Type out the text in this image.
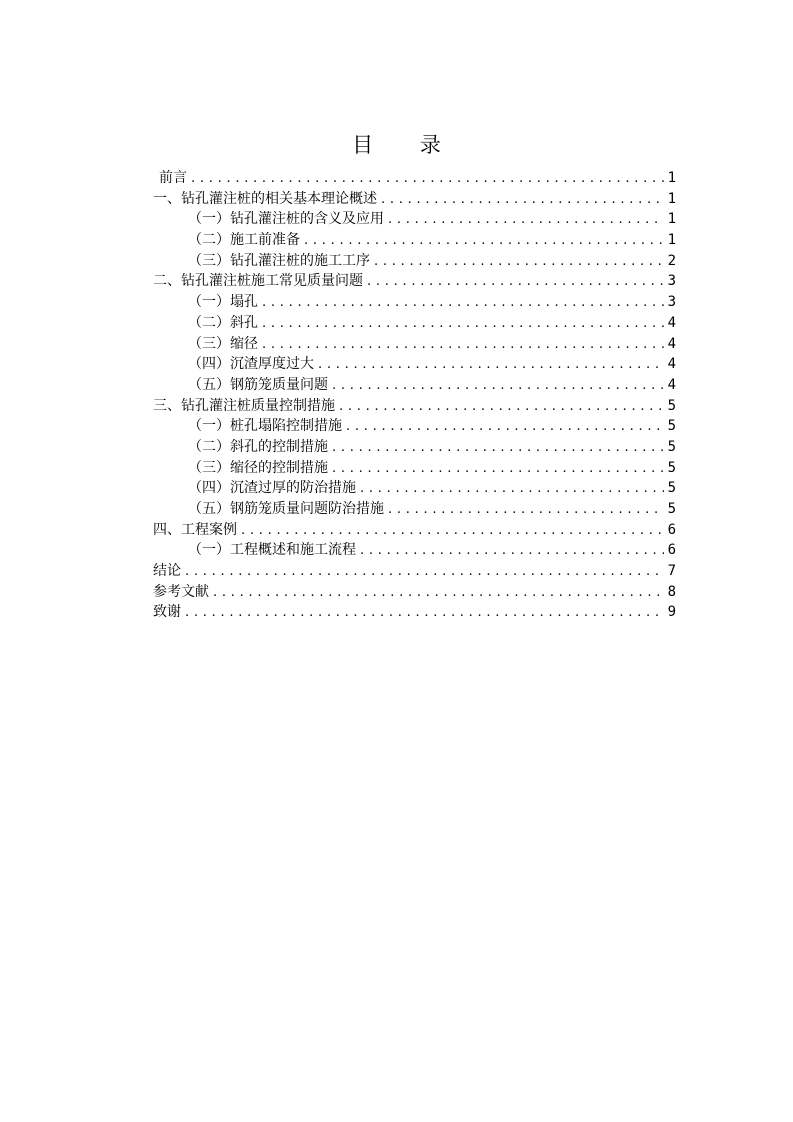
目 录
前言 . . .	1
一、钻孔灌注桩的相关基本理论概述 . . .	1
（一）钻孔灌注桩的含义及应用 . . .	1
（二）施工前准备 . . .	1
（三）钻孔灌注桩的施工工序 . . .	2
二、钻孔灌注桩施工常见质量问题 . . .	3
（一）塌孔 . . .	3
（二）斜孔 . . .	4
（三）缩径 . . .	4
（四）沉渣厚度过大 . . .	4
（五）钢筋笼质量问题 . . .	4
三、钻孔灌注桩质量控制措施 . . .	5
（一）桩孔塌陷控制措施 . . .	5
（二）斜孔的控制措施 . . .	5
（三）缩径的控制措施 . . .	5
（四）沉渣过厚的防治措施 . . .	5
（五）钢筋笼质量问题防治措施 . . .	5
四、工程案例 . . .	6
（一）工程概述和施工流程 . . .	6
结论 . . .	7
参考文献 . . .	8
致谢 . . .	9
